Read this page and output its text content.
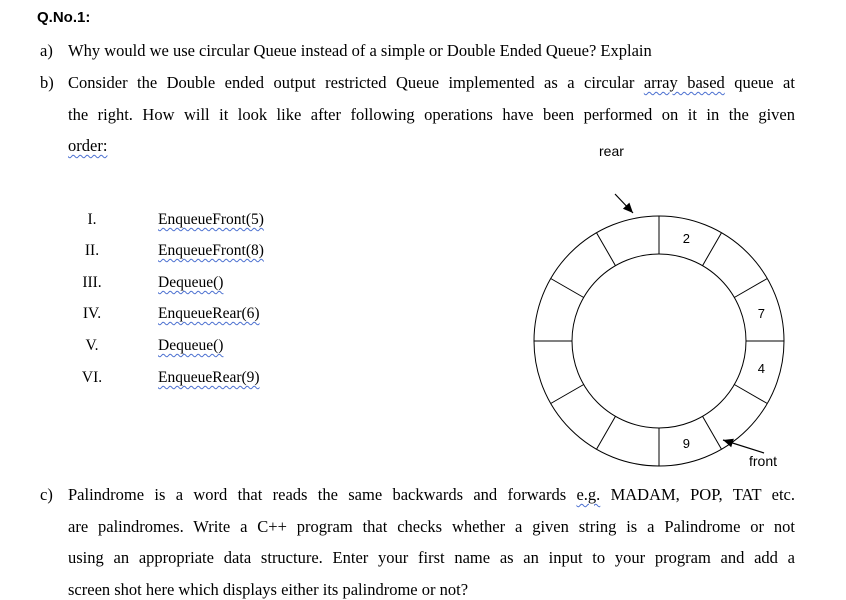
Q.No.1:
a) Why would we use circular Queue instead of a simple or Double Ended Queue? Explain
b) Consider the Double ended output restricted Queue implemented as a circular array based queue at
the right. How will it look like after following operations have been performed on it in the given
order:
I.	EnqueueFront(5)
II.	EnqueueFront(8)
III.	Dequeue()
IV.	EnqueueRear(6)
V.	Dequeue()
VI.	EnqueueRear(9)
2
7
4
9
rear
front
c) Palindrome is a word that reads the same backwards and forwards e.g. MADAM, POP, TAT etc.
are palindromes. Write a C++ program that checks whether a given string is a Palindrome or not
using an appropriate data structure. Enter your first name as an input to your program and add a
screen shot here which displays either its palindrome or not?
